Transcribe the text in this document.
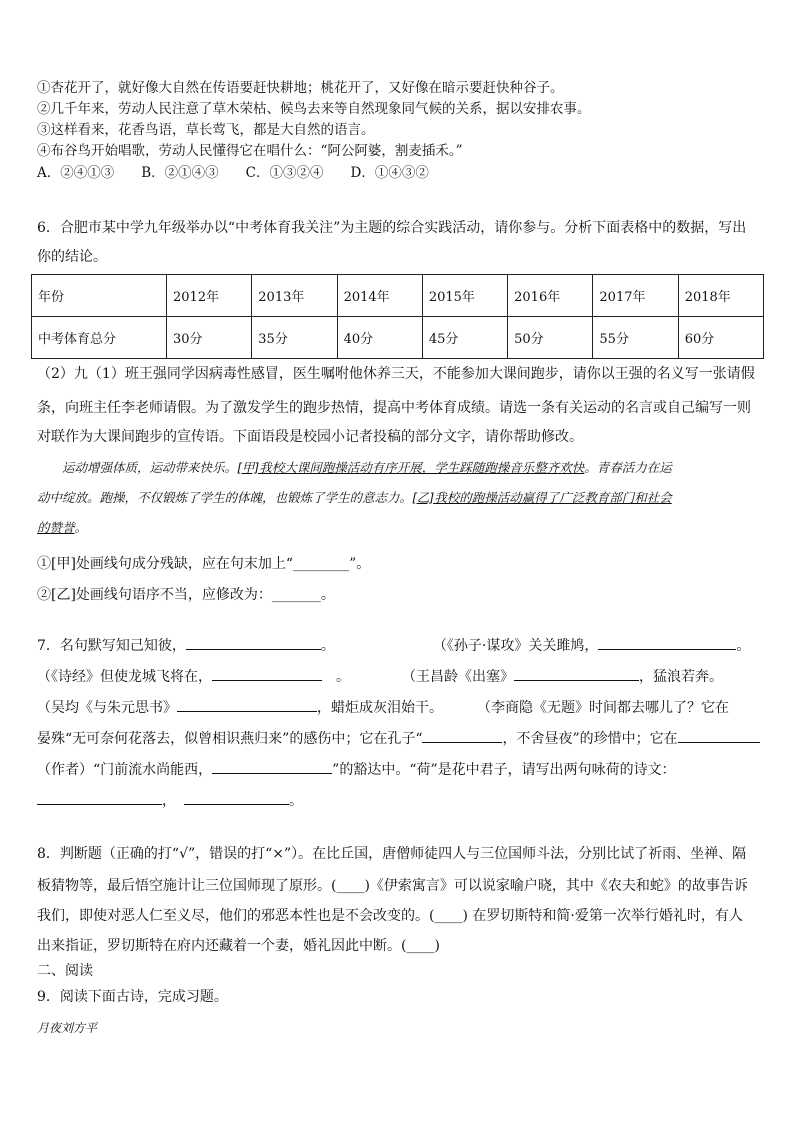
①杏花开了，就好像大自然在传语要赶快耕地；桃花开了，又好像在暗示要赶快种谷子。
②几千年来，劳动人民注意了草木荣枯、候鸟去来等自然现象同气候的关系，据以安排农事。
③这样看来，花香鸟语，草长莺飞，都是大自然的语言。
④布谷鸟开始唱歌，劳动人民懂得它在唱什么：“阿公阿婆，割麦插禾。”
A．②④①③　　B．②①④③　　C．①③②④　　D．①④③②
6．合肥市某中学九年级举办以“中考体育我关注”为主题的综合实践活动，请你参与。分析下面表格中的数据，写出
你的结论。
年份	2012年	2013年	2014年	2015年	2016年	2017年	2018年
中考体育总分	30分	35分	40分	45分	50分	55分	60分
（2）九（1）班王强同学因病毒性感冒，医生嘱咐他休养三天，不能参加大课间跑步，请你以王强的名义写一张请假
条，向班主任李老师请假。为了激发学生的跑步热情，提高中考体育成绩。请选一条有关运动的名言或自己编写一则
对联作为大课间跑步的宣传语。下面语段是校园小记者投稿的部分文字，请你帮助修改。
　　运动增强体质，运动带来快乐。[甲]我校大课间跑操活动有序开展，学生踩随跑操音乐整齐欢快。青春活力在运
动中绽放。跑操，不仅锻炼了学生的体魄，也锻炼了学生的意志力。[乙]我校的跑操活动赢得了广泛教育部门和社会
的赞誉。
①[甲]处画线句成分残缺，应在句末加上“________”。
②[乙]处画线句语序不当，应修改为：_______。
7．名句默写知己知彼，	。	（《孙子·谋攻》关关雎鸠，	。
（《诗经》但使龙城飞将在，	。	（王昌龄《出塞》	，猛浪若奔。
（吴均《与朱元思书》	，蜡炬成灰泪始干。 （李商隐《无题》时间都去哪儿了？它在
晏殊“无可奈何花落去，似曾相识燕归来”的感伤中；它在孔子“	，不舍昼夜”的珍惜中；它在
（作者）“门前流水尚能西，	”的豁达中。“荷”是花中君子，请写出两句咏荷的诗文：
，	。
8．判断题（正确的打“√”，错误的打“×”）。在比丘国，唐僧师徒四人与三位国师斗法，分别比试了祈雨、坐禅、隔
板猜物等，最后悟空施计让三位国师现了原形。(____)《伊索寓言》可以说家喻户晓，其中《农夫和蛇》的故事告诉
我们，即使对恶人仁至义尽，他们的邪恶本性也是不会改变的。(____) 在罗切斯特和简·爱第一次举行婚礼时，有人
出来指证，罗切斯特在府内还藏着一个妻，婚礼因此中断。(____)
二、阅读
9．阅读下面古诗，完成习题。
月夜刘方平
